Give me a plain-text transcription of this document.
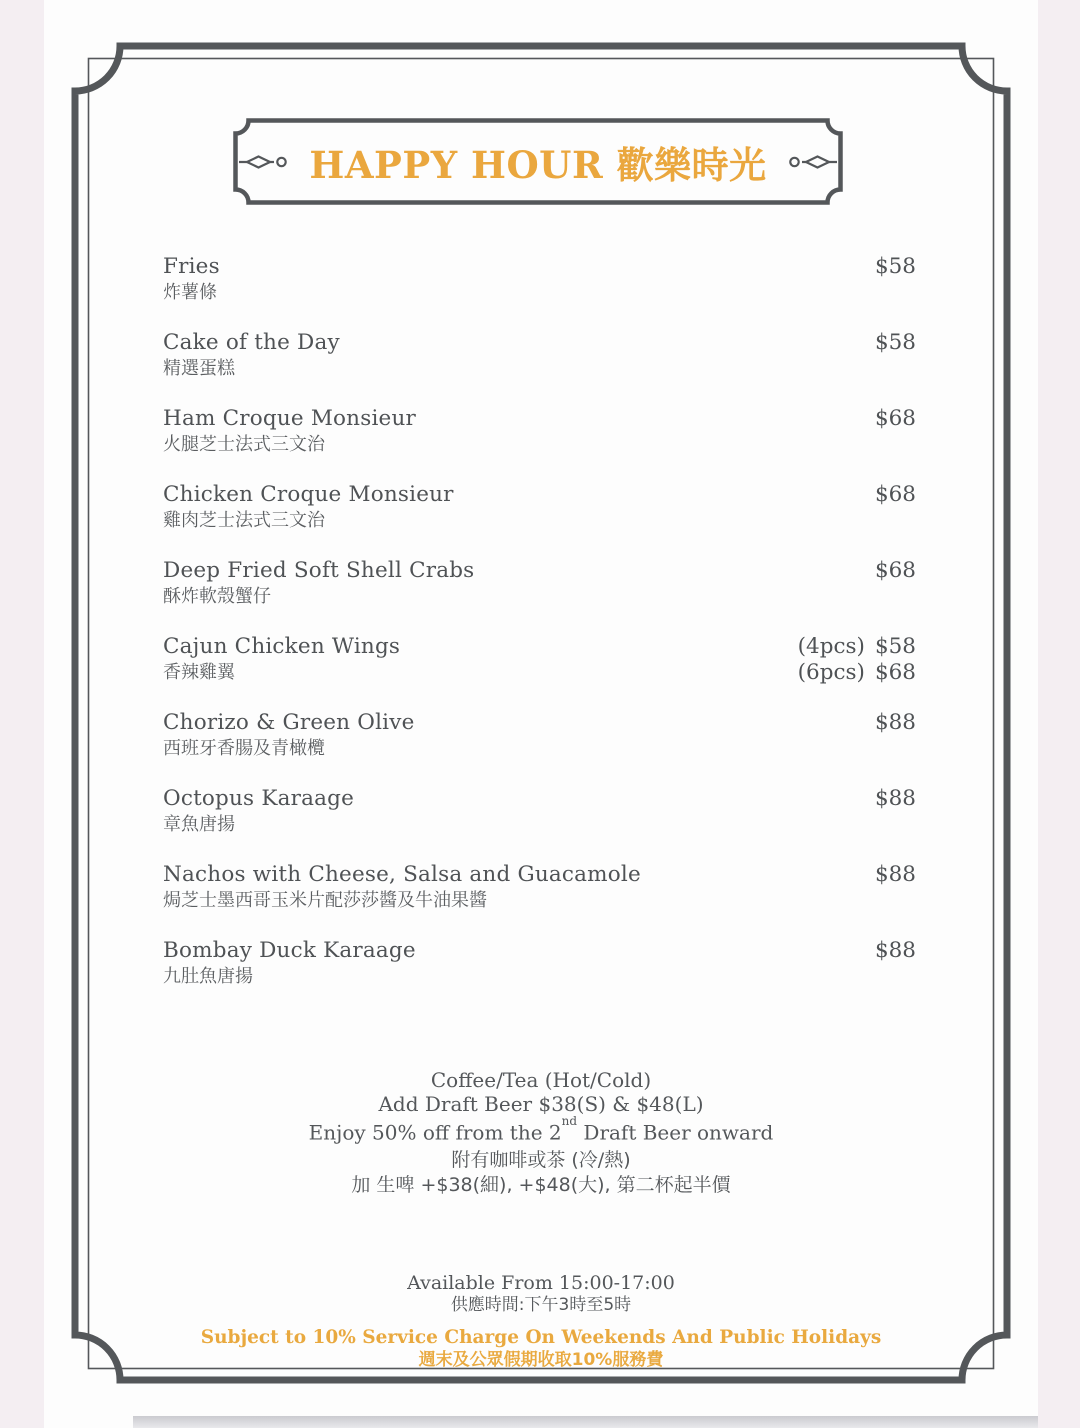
HAPPY HOUR 歡樂時光
Fries
炸薯條
$58
Cake of the Day
精選蛋糕
$58
Ham Croque Monsieur
火腿芝士法式三文治
$68
Chicken Croque Monsieur
雞肉芝士法式三文治
$68
Deep Fried Soft Shell Crabs
酥炸軟殼蟹仔
$68
Cajun Chicken Wings
香辣雞翼
(4pcs) $58
(6pcs) $68
Chorizo & Green Olive
西班牙香腸及青橄欖
$88
Octopus Karaage
章魚唐揚
$88
Nachos with Cheese, Salsa and Guacamole
焗芝士墨西哥玉米片配莎莎醬及牛油果醬
$88
Bombay Duck Karaage
九肚魚唐揚
$88
Coffee/Tea (Hot/Cold)
Add Draft Beer $38(S) & $48(L)
Enjoy 50% off from the 2nd Draft Beer onward
附有咖啡或茶 (冷/熱)
加 生啤 +$38(細), +$48(大), 第二杯起半價
Available From 15:00-17:00
供應時間:下午3時至5時
Subject to 10% Service Charge On Weekends And Public Holidays
週末及公眾假期收取10%服務費
